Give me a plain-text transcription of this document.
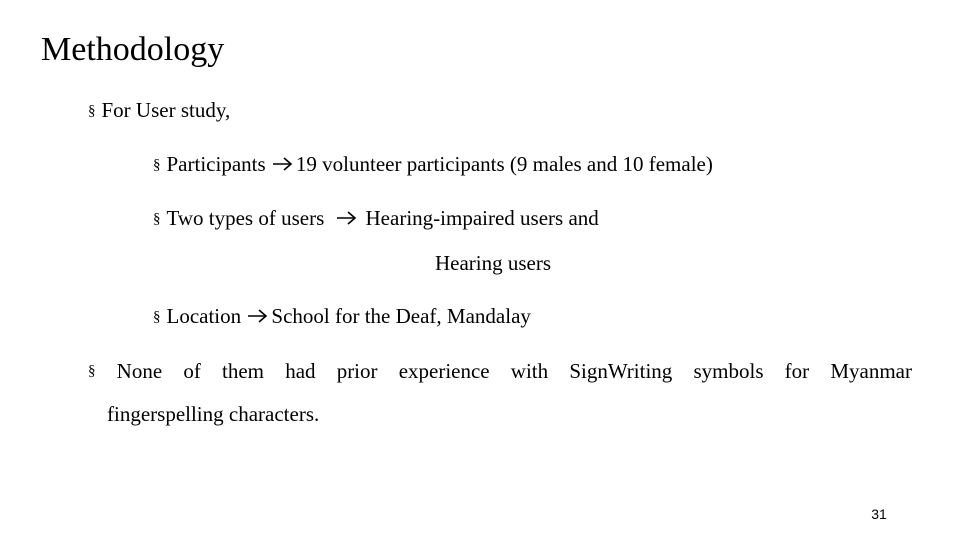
Methodology
§ For User study,
§ Participants 19 volunteer participants (9 males and 10 female)
§ Two types of users Hearing-impaired users and
Hearing users
§ Location School for the Deaf, Mandalay
§ None of them had prior experience with SignWriting symbols for Myanmar
fingerspelling characters.
31
